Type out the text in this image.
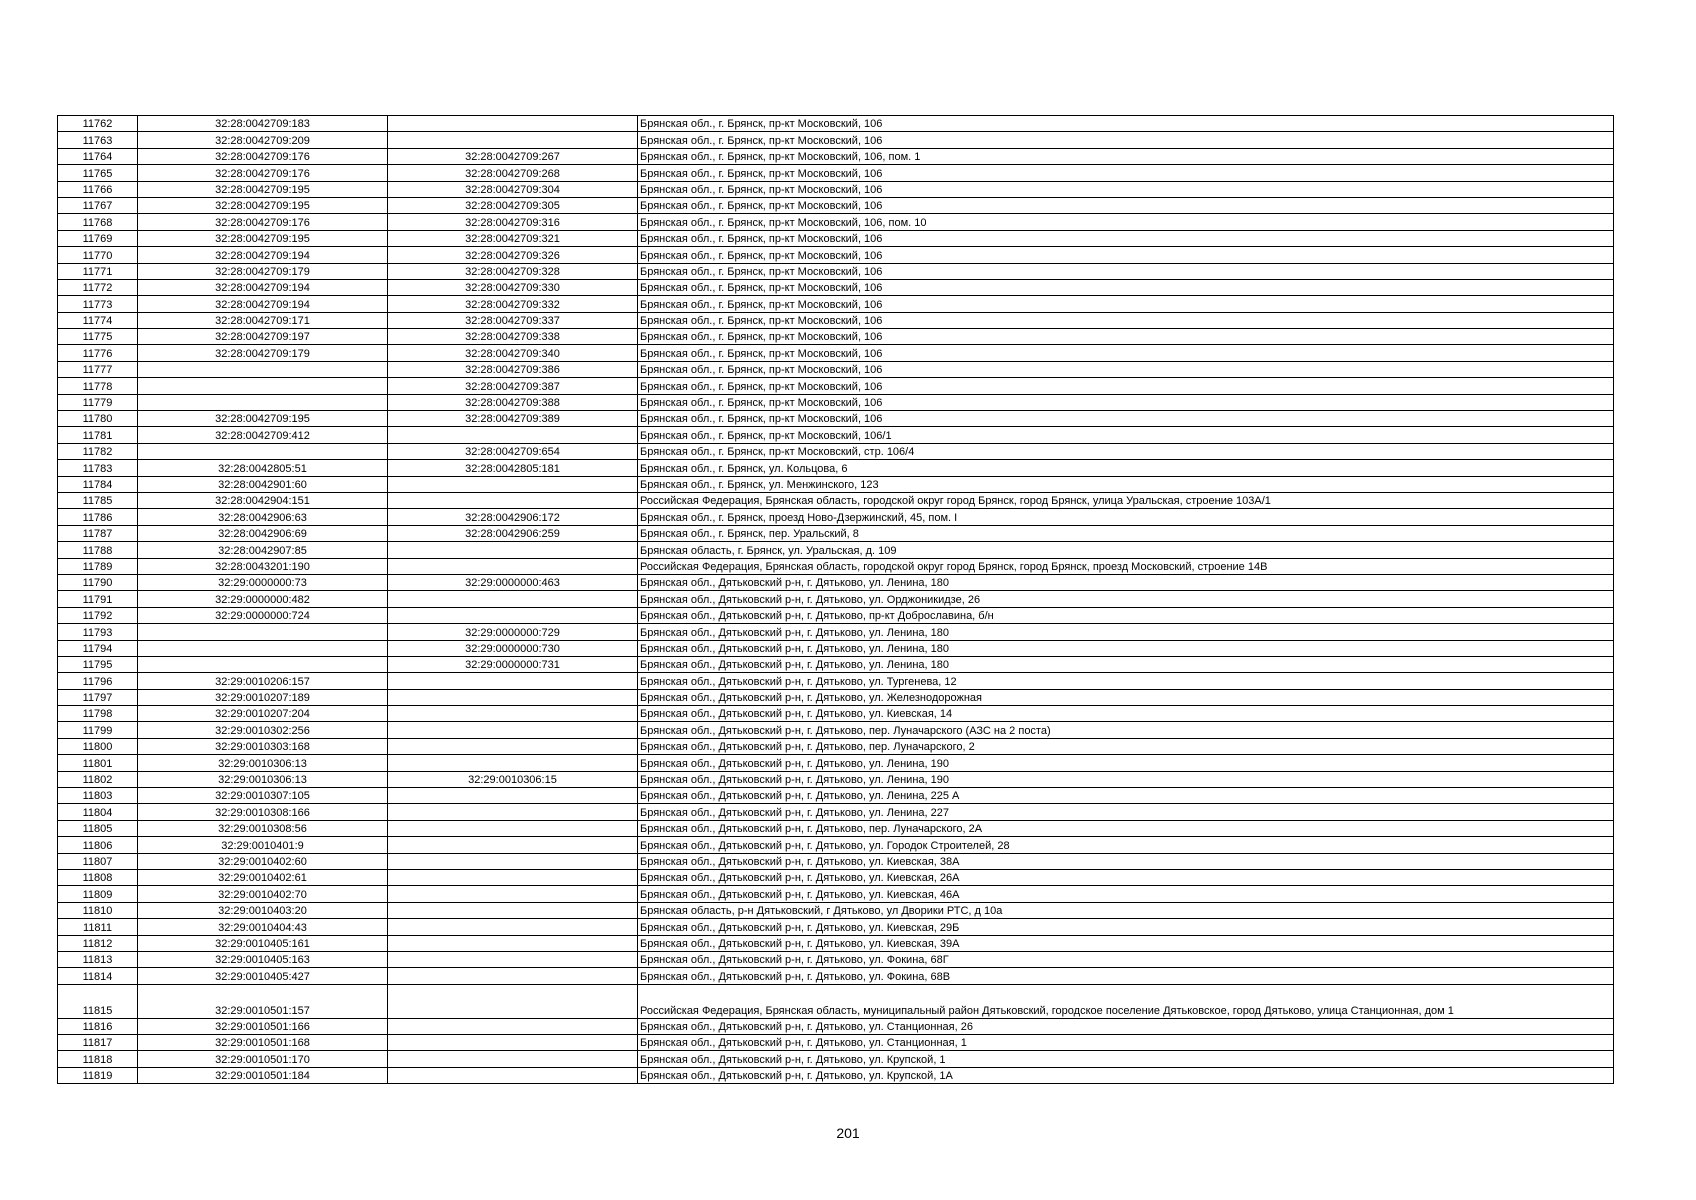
11762	32:28:0042709:183		Брянская обл., г. Брянск, пр-кт Московский, 106
11763	32:28:0042709:209		Брянская обл., г. Брянск, пр-кт Московский, 106
11764	32:28:0042709:176	32:28:0042709:267	Брянская обл., г. Брянск, пр-кт Московский, 106, пом. 1
11765	32:28:0042709:176	32:28:0042709:268	Брянская обл., г. Брянск, пр-кт Московский, 106
11766	32:28:0042709:195	32:28:0042709:304	Брянская обл., г. Брянск, пр-кт Московский, 106
11767	32:28:0042709:195	32:28:0042709:305	Брянская обл., г. Брянск, пр-кт Московский, 106
11768	32:28:0042709:176	32:28:0042709:316	Брянская обл., г. Брянск, пр-кт Московский, 106, пом. 10
11769	32:28:0042709:195	32:28:0042709:321	Брянская обл., г. Брянск, пр-кт Московский, 106
11770	32:28:0042709:194	32:28:0042709:326	Брянская обл., г. Брянск, пр-кт Московский, 106
11771	32:28:0042709:179	32:28:0042709:328	Брянская обл., г. Брянск, пр-кт Московский, 106
11772	32:28:0042709:194	32:28:0042709:330	Брянская обл., г. Брянск, пр-кт Московский, 106
11773	32:28:0042709:194	32:28:0042709:332	Брянская обл., г. Брянск, пр-кт Московский, 106
11774	32:28:0042709:171	32:28:0042709:337	Брянская обл., г. Брянск, пр-кт Московский, 106
11775	32:28:0042709:197	32:28:0042709:338	Брянская обл., г. Брянск, пр-кт Московский, 106
11776	32:28:0042709:179	32:28:0042709:340	Брянская обл., г. Брянск, пр-кт Московский, 106
11777		32:28:0042709:386	Брянская обл., г. Брянск, пр-кт Московский, 106
11778		32:28:0042709:387	Брянская обл., г. Брянск, пр-кт Московский, 106
11779		32:28:0042709:388	Брянская обл., г. Брянск, пр-кт Московский, 106
11780	32:28:0042709:195	32:28:0042709:389	Брянская обл., г. Брянск, пр-кт Московский, 106
11781	32:28:0042709:412		Брянская обл., г. Брянск, пр-кт Московский, 106/1
11782		32:28:0042709:654	Брянская обл., г. Брянск, пр-кт Московский, стр. 106/4
11783	32:28:0042805:51	32:28:0042805:181	Брянская обл., г. Брянск, ул. Кольцова, 6
11784	32:28:0042901:60		Брянская обл., г. Брянск, ул. Менжинского, 123
11785	32:28:0042904:151		Российская Федерация, Брянская область, городской округ город Брянск, город Брянск, улица Уральская, строение 103А/1
11786	32:28:0042906:63	32:28:0042906:172	Брянская обл., г. Брянск, проезд Ново-Дзержинский, 45, пом. I
11787	32:28:0042906:69	32:28:0042906:259	Брянская обл., г. Брянск, пер. Уральский, 8
11788	32:28:0042907:85		Брянская область, г. Брянск, ул. Уральская, д. 109
11789	32:28:0043201:190		Российская Федерация, Брянская область, городской округ город Брянск, город Брянск, проезд Московский, строение 14В
11790	32:29:0000000:73	32:29:0000000:463	Брянская обл., Дятьковский р-н, г. Дятьково, ул. Ленина, 180
11791	32:29:0000000:482		Брянская обл., Дятьковский р-н, г. Дятьково, ул. Орджоникидзе, 26
11792	32:29:0000000:724		Брянская обл., Дятьковский р-н, г. Дятьково, пр-кт Доброславина, б/н
11793		32:29:0000000:729	Брянская обл., Дятьковский р-н, г. Дятьково, ул. Ленина, 180
11794		32:29:0000000:730	Брянская обл., Дятьковский р-н, г. Дятьково, ул. Ленина, 180
11795		32:29:0000000:731	Брянская обл., Дятьковский р-н, г. Дятьково, ул. Ленина, 180
11796	32:29:0010206:157		Брянская обл., Дятьковский р-н, г. Дятьково, ул. Тургенева, 12
11797	32:29:0010207:189		Брянская обл., Дятьковский р-н, г. Дятьково, ул. Железнодорожная
11798	32:29:0010207:204		Брянская обл., Дятьковский р-н, г. Дятьково, ул. Киевская, 14
11799	32:29:0010302:256		Брянская обл., Дятьковский р-н, г. Дятьково, пер. Луначарского (АЗС на 2 поста)
11800	32:29:0010303:168		Брянская обл., Дятьковский р-н, г. Дятьково, пер. Луначарского, 2
11801	32:29:0010306:13		Брянская обл., Дятьковский р-н, г. Дятьково, ул. Ленина, 190
11802	32:29:0010306:13	32:29:0010306:15	Брянская обл., Дятьковский р-н, г. Дятьково, ул. Ленина, 190
11803	32:29:0010307:105		Брянская обл., Дятьковский р-н, г. Дятьково, ул. Ленина, 225 А
11804	32:29:0010308:166		Брянская обл., Дятьковский р-н, г. Дятьково, ул. Ленина, 227
11805	32:29:0010308:56		Брянская обл., Дятьковский р-н, г. Дятьково, пер. Луначарского, 2А
11806	32:29:0010401:9		Брянская обл., Дятьковский р-н, г. Дятьково, ул. Городок Строителей, 28
11807	32:29:0010402:60		Брянская обл., Дятьковский р-н, г. Дятьково, ул. Киевская, 38А
11808	32:29:0010402:61		Брянская обл., Дятьковский р-н, г. Дятьково, ул. Киевская, 26А
11809	32:29:0010402:70		Брянская обл., Дятьковский р-н, г. Дятьково, ул. Киевская, 46А
11810	32:29:0010403:20		Брянская область, р-н Дятьковский, г Дятьково, ул Дворики РТС, д 10а
11811	32:29:0010404:43		Брянская обл., Дятьковский р-н, г. Дятьково, ул. Киевская, 29Б
11812	32:29:0010405:161		Брянская обл., Дятьковский р-н, г. Дятьково, ул. Киевская, 39А
11813	32:29:0010405:163		Брянская обл., Дятьковский р-н, г. Дятьково, ул. Фокина, 68Г
11814	32:29:0010405:427		Брянская обл., Дятьковский р-н, г. Дятьково, ул. Фокина, 68В
11815	32:29:0010501:157		Российская Федерация, Брянская область, муниципальный район Дятьковский, городское поселение Дятьковское, город Дятьково, улица Станционная, дом 1
11816	32:29:0010501:166		Брянская обл., Дятьковский р-н, г. Дятьково, ул. Станционная, 26
11817	32:29:0010501:168		Брянская обл., Дятьковский р-н, г. Дятьково, ул. Станционная, 1
11818	32:29:0010501:170		Брянская обл., Дятьковский р-н, г. Дятьково, ул. Крупской, 1
11819	32:29:0010501:184		Брянская обл., Дятьковский р-н, г. Дятьково, ул. Крупской, 1А
201
